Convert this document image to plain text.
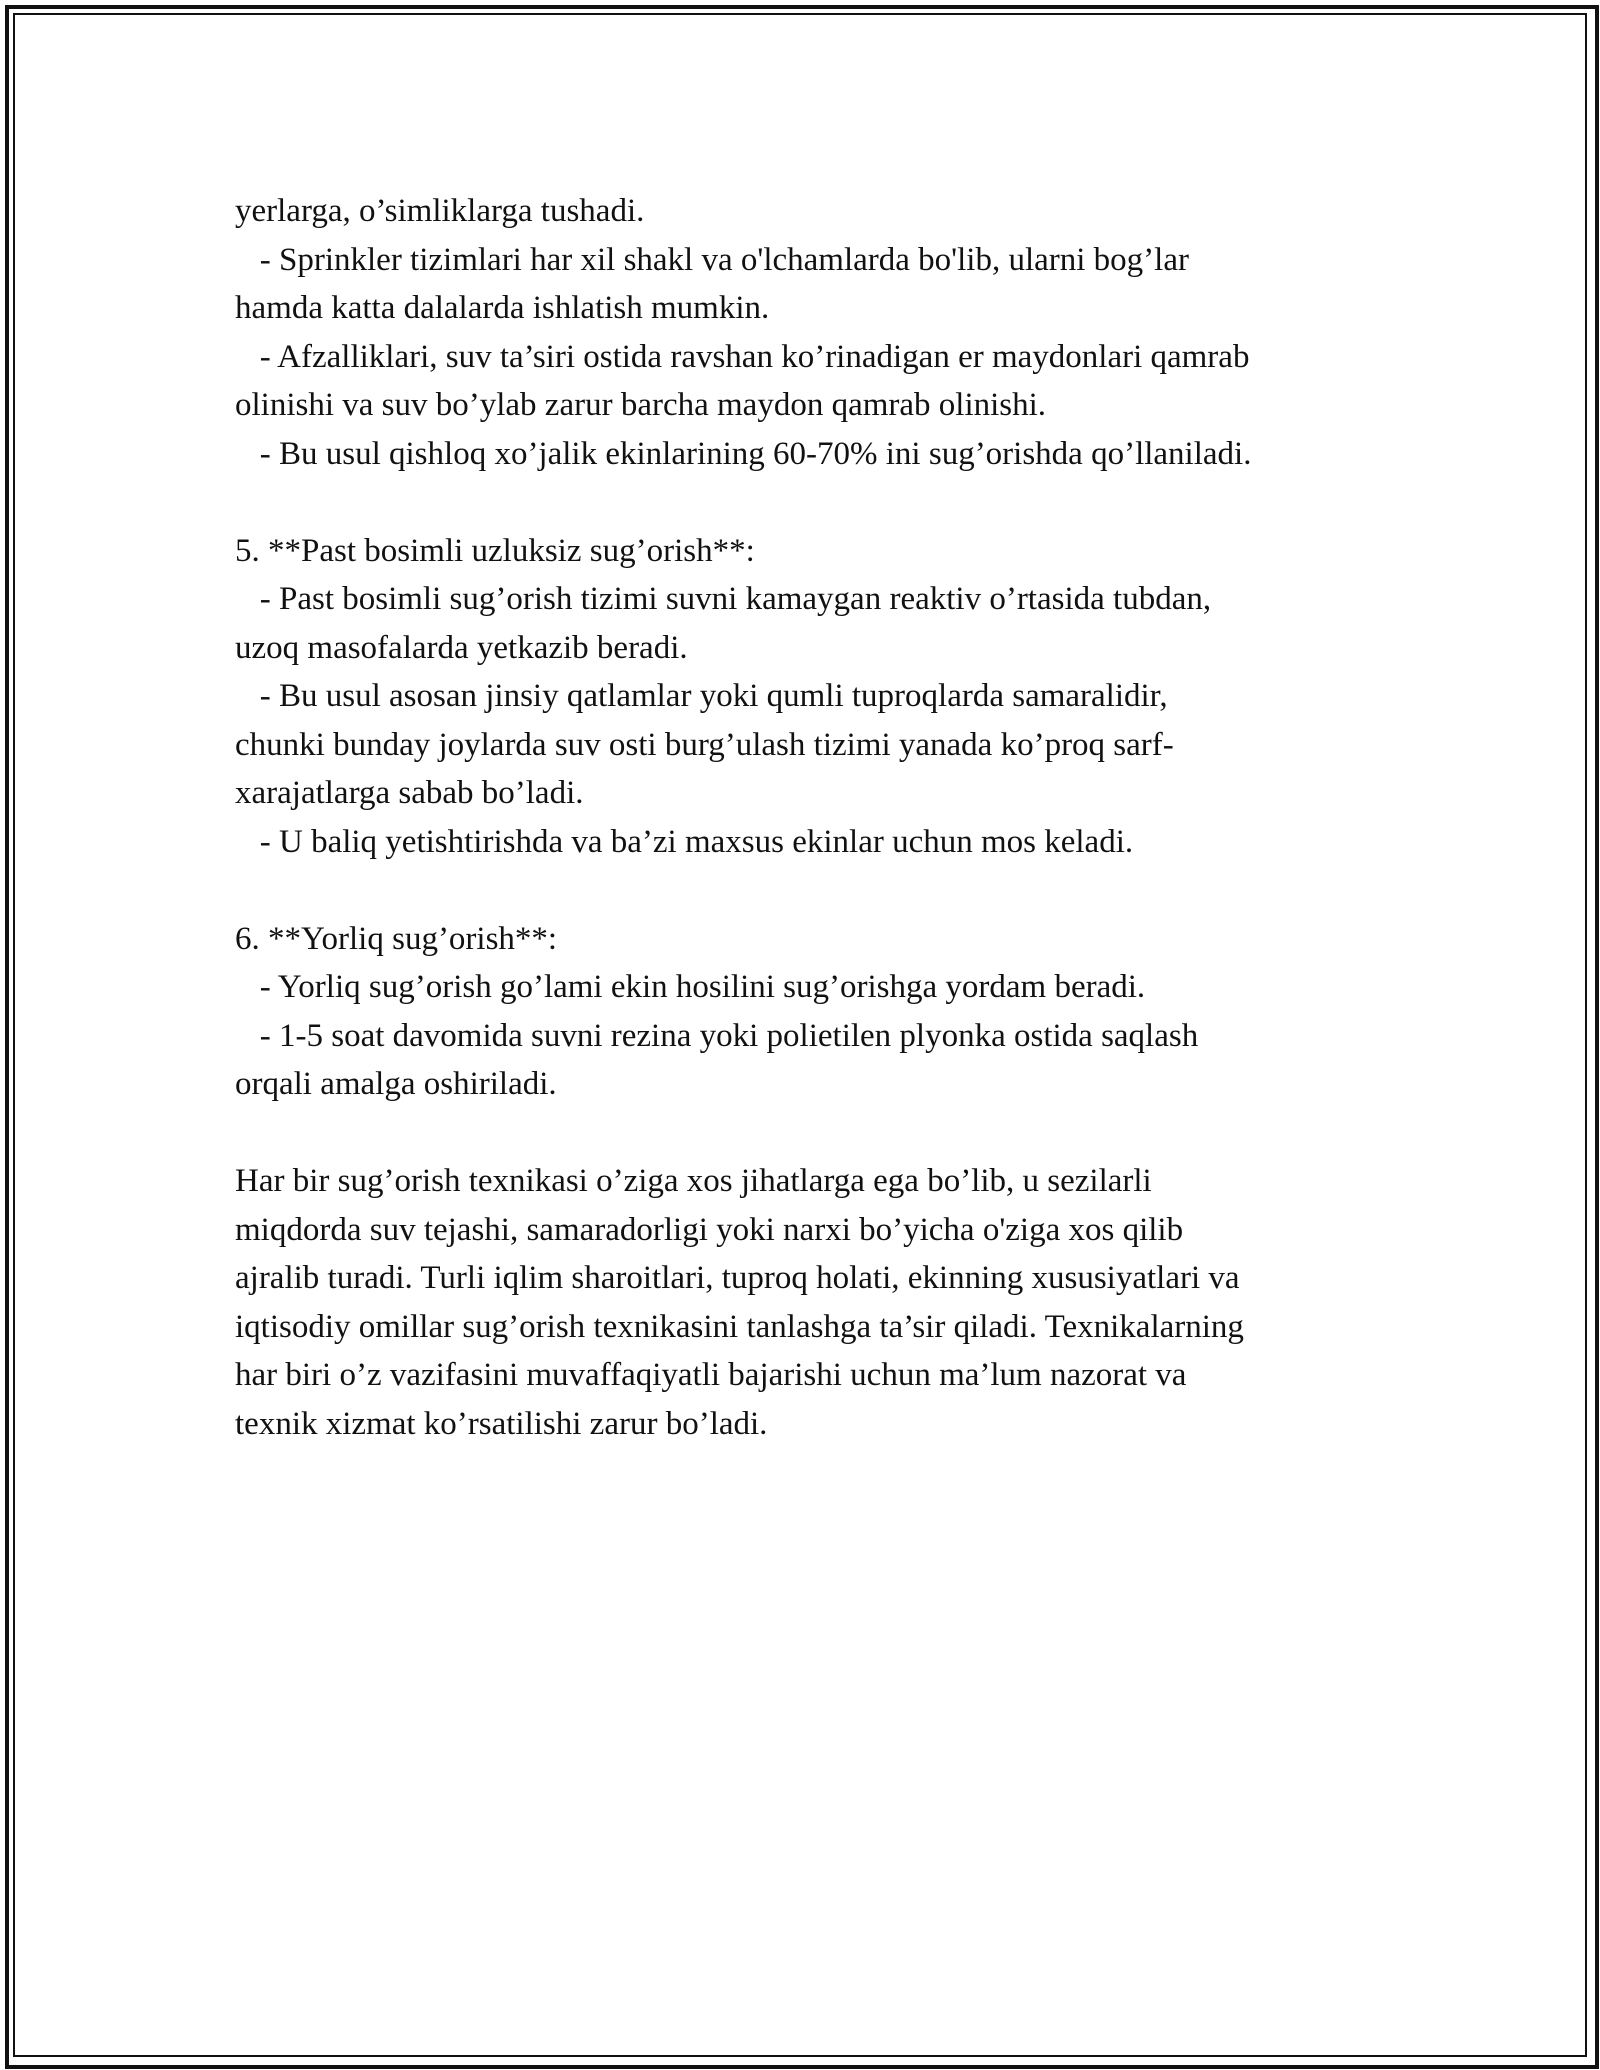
yerlarga, o’simliklarga tushadi.
- Sprinkler tizimlari har xil shakl va o'lchamlarda bo'lib, ularni bog’lar
hamda katta dalalarda ishlatish mumkin.
- Afzalliklari, suv ta’siri ostida ravshan ko’rinadigan er maydonlari qamrab
olinishi va suv bo’ylab zarur barcha maydon qamrab olinishi.
- Bu usul qishloq xo’jalik ekinlarining 60-70% ini sug’orishda qo’llaniladi.
5. **Past bosimli uzluksiz sug’orish**:
- Past bosimli sug’orish tizimi suvni kamaygan reaktiv o’rtasida tubdan,
uzoq masofalarda yetkazib beradi.
- Bu usul asosan jinsiy qatlamlar yoki qumli tuproqlarda samaralidir,
chunki bunday joylarda suv osti burg’ulash tizimi yanada ko’proq sarf-
xarajatlarga sabab bo’ladi.
- U baliq yetishtirishda va ba’zi maxsus ekinlar uchun mos keladi.
6. **Yorliq sug’orish**:
- Yorliq sug’orish go’lami ekin hosilini sug’orishga yordam beradi.
- 1-5 soat davomida suvni rezina yoki polietilen plyonka ostida saqlash
orqali amalga oshiriladi.
Har bir sug’orish texnikasi o’ziga xos jihatlarga ega bo’lib, u sezilarli
miqdorda suv tejashi, samaradorligi yoki narxi bo’yicha o'ziga xos qilib
ajralib turadi. Turli iqlim sharoitlari, tuproq holati, ekinning xususiyatlari va
iqtisodiy omillar sug’orish texnikasini tanlashga ta’sir qiladi. Texnikalarning
har biri o’z vazifasini muvaffaqiyatli bajarishi uchun ma’lum nazorat va
texnik xizmat ko’rsatilishi zarur bo’ladi.
